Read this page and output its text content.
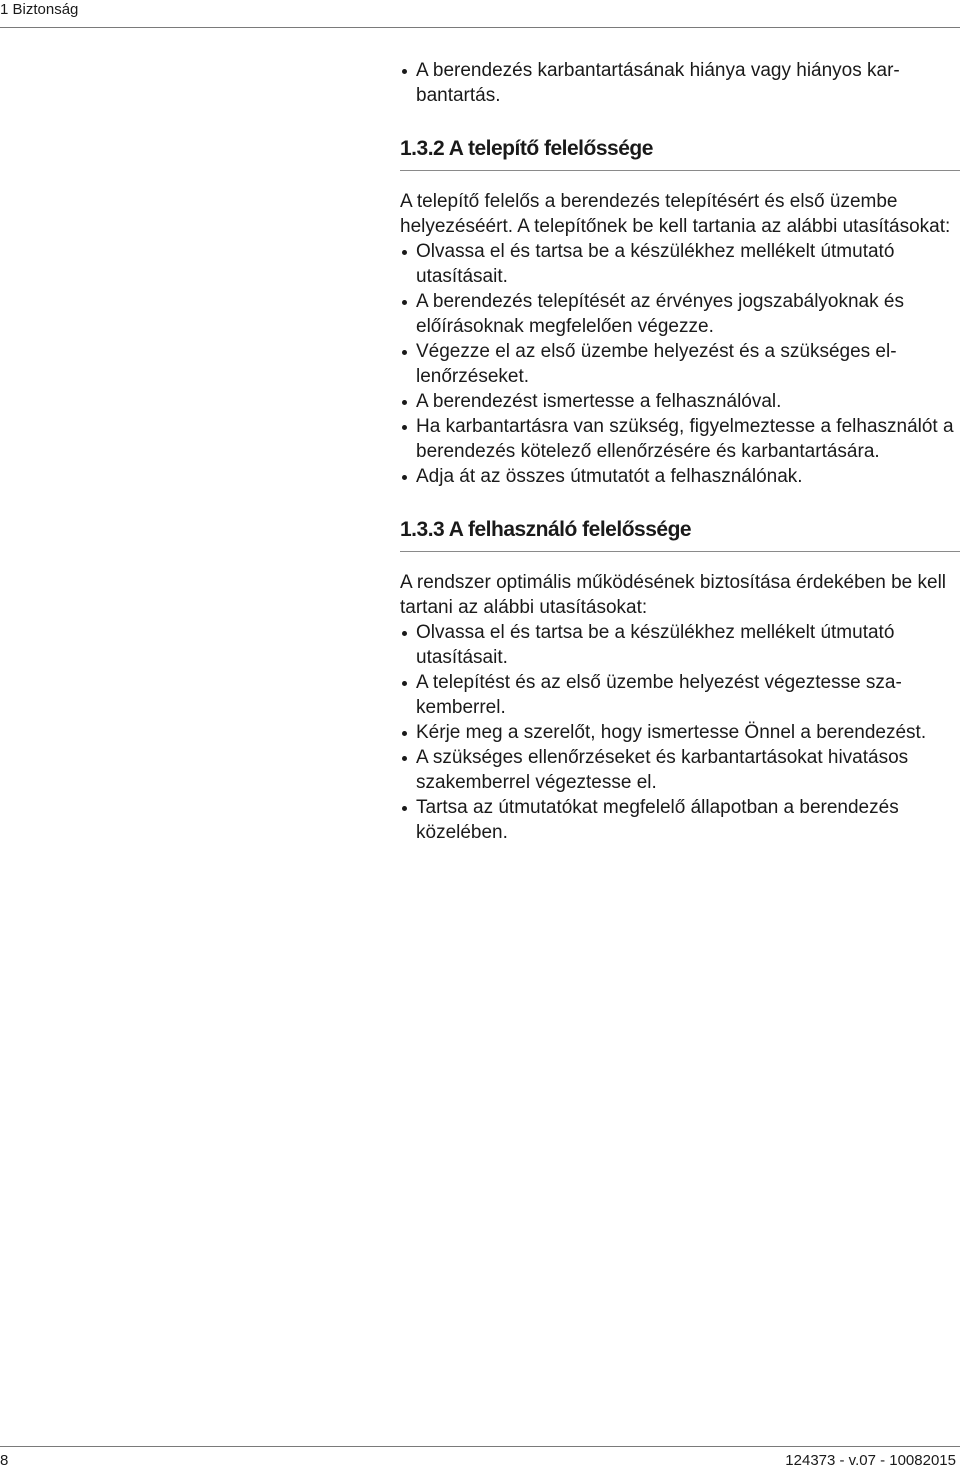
1 Biztonság
A berendezés karbantartásának hiánya vagy hiányos karbantartás.
1.3.2 A telepítő felelőssége

A telepítő felelős a berendezés telepítésért és első üzembe helyezéséért. A telepítőnek be kell tartania az alábbi utasításokat:

Olvassa el és tartsa be a készülékhez mellékelt útmutató utasításait.
A berendezés telepítését az érvényes jogszabályoknak és előírásoknak megfelelően végezze.
Végezze el az első üzembe helyezést és a szükséges ellenőrzéseket.
A berendezést ismertesse a felhasználóval.
Ha karbantartásra van szükség, figyelmeztesse a felhasználót a berendezés kötelező ellenőrzésére és karbantartására.
Adja át az összes útmutatót a felhasználónak.
1.3.3 A felhasználó felelőssége

A rendszer optimális működésének biztosítása érdekében be kell tartani az alábbi utasításokat:

Olvassa el és tartsa be a készülékhez mellékelt útmutató utasításait.
A telepítést és az első üzembe helyezést végeztesse szakemberrel.
Kérje meg a szerelőt, hogy ismertesse Önnel a berendezést.
A szükséges ellenőrzéseket és karbantartásokat hivatásos szakemberrel végeztesse el.
Tartsa az útmutatókat megfelelő állapotban a berendezés közelében.
8	124373 - v.07 - 10082015
